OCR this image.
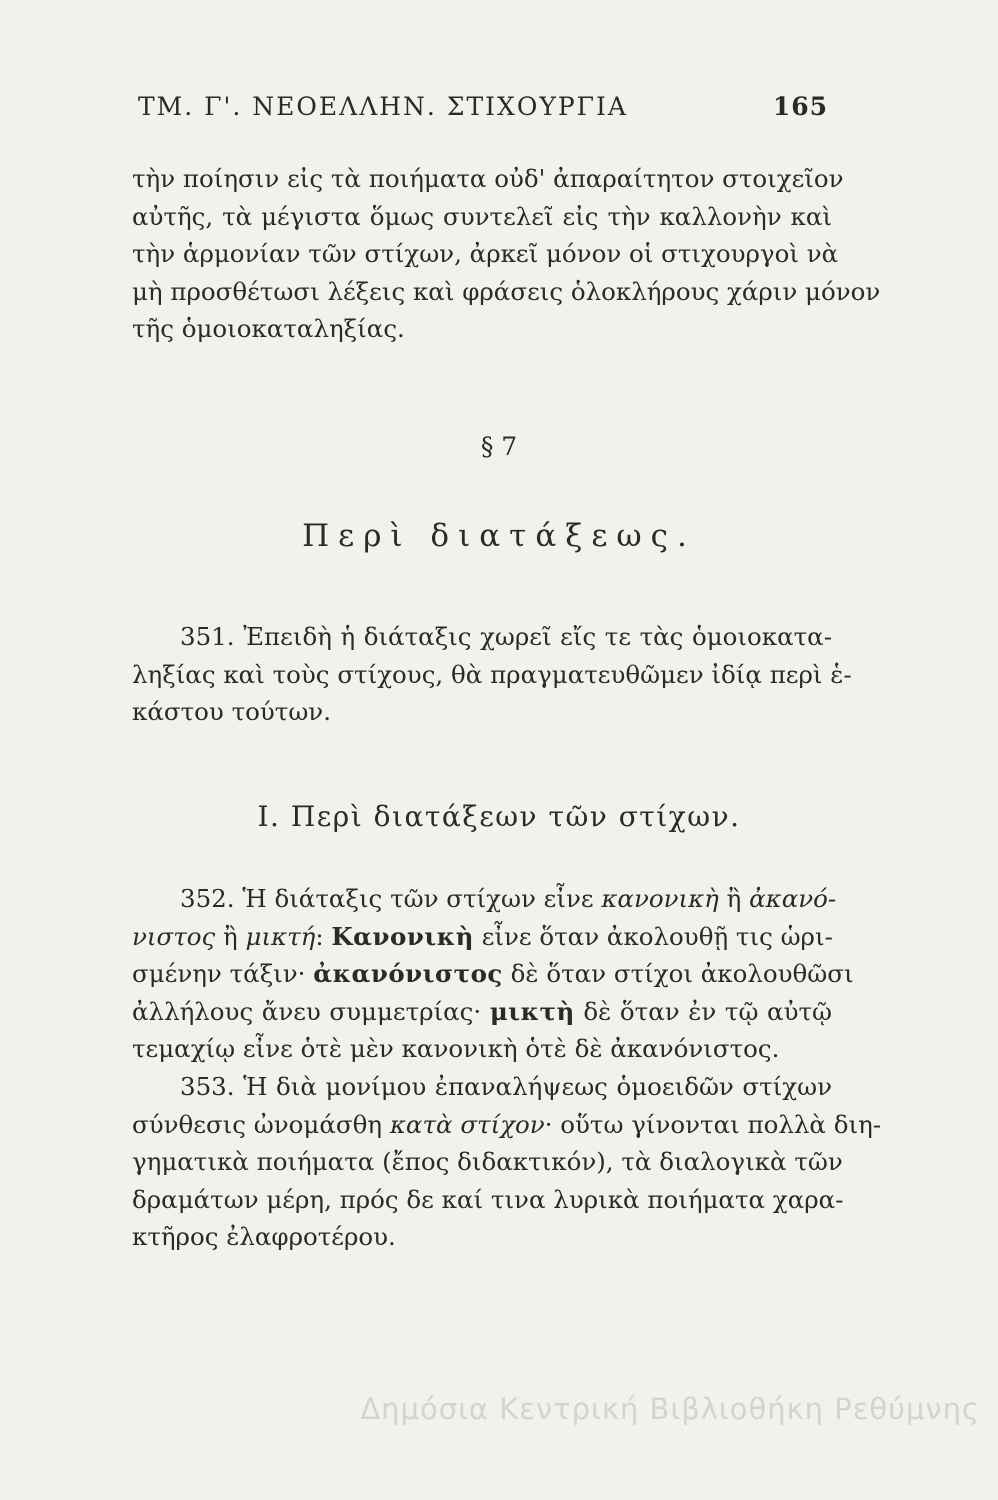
ΤΜ. Γ'. ΝΕΟΕΛΛΗΝ. ΣΤΙΧΟΥΡΓΙΑ	165
τὴν ποίησιν εἰς τὰ ποιήματα οὐδ' ἀπαραίτητον στοιχεῖον
αὐτῆς, τὰ μέγιστα ὅμως συντελεῖ εἰς τὴν καλλονὴν καὶ
τὴν ἁρμονίαν τῶν στίχων, ἀρκεῖ μόνον οἱ στιχουργοὶ νὰ
μὴ προσθέτωσι λέξεις καὶ φράσεις ὁλοκλήρους χάριν μόνον
τῆς ὁμοιοκαταληξίας.
§ 7
Περὶ διατάξεως.
351. Ἐπειδὴ ἡ διάταξις χωρεῖ εἴς τε τὰς ὁμοιοκατα-
ληξίας καὶ τοὺς στίχους, θὰ πραγματευθῶμεν ἰδίᾳ περὶ ἑ-
κάστου τούτων.
I. Περὶ διατάξεων τῶν στίχων.
352. Ἡ διάταξις τῶν στίχων εἶνε κανονικὴ ἢ ἀκανό-
νιστος ἢ μικτή: Κανονικὴ εἶνε ὅταν ἀκολουθῇ τις ὡρι-
σμένην τάξιν· ἀκανόνιστος δὲ ὅταν στίχοι ἀκολουθῶσι
ἀλλήλους ἄνευ συμμετρίας· μικτὴ δὲ ὅταν ἐν τῷ αὐτῷ
τεμαχίῳ εἶνε ὁτὲ μὲν κανονικὴ ὁτὲ δὲ ἀκανόνιστος.
353. Ἡ διὰ μονίμου ἐπαναλήψεως ὁμοειδῶν στίχων
σύνθεσις ὠνομάσθη κατὰ στίχον· οὕτω γίνονται πολλὰ διη-
γηματικὰ ποιήματα (ἔπος διδακτικόν), τὰ διαλογικὰ τῶν
δραμάτων μέρη, πρός δε καί τινα λυρικὰ ποιήματα χαρα-
κτῆρος ἐλαφροτέρου.
Δημόσια Κεντρική Βιβλιοθήκη Ρεθύμνης
